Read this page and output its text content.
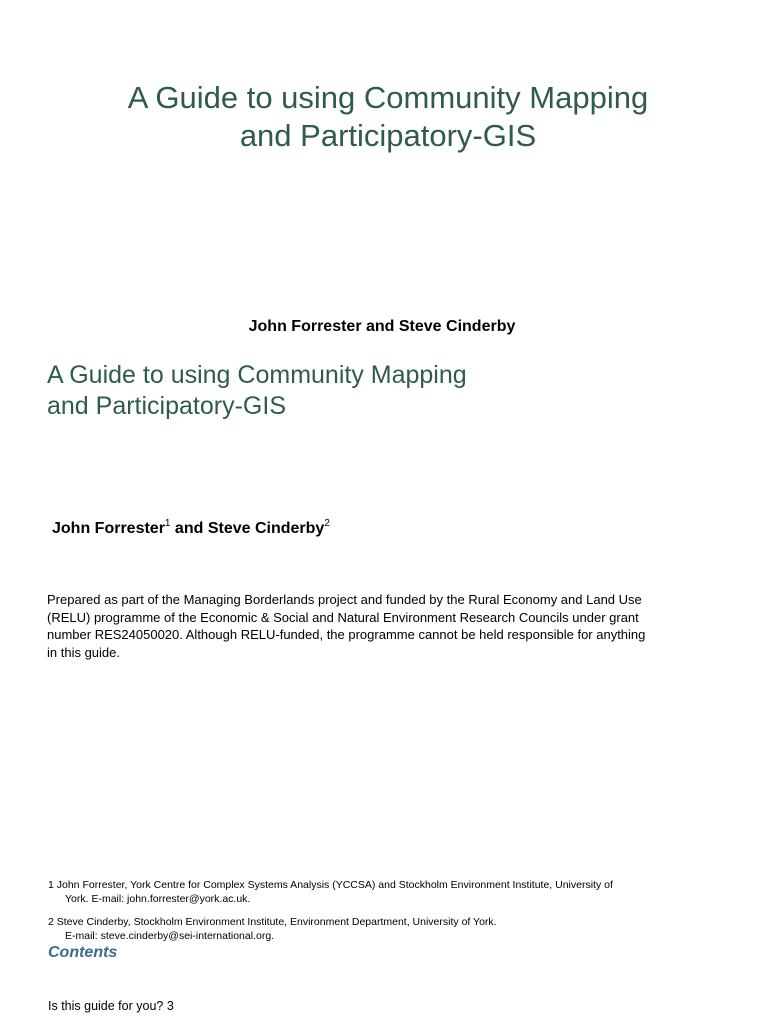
A Guide to using Community Mapping
and Participatory-GIS
John Forrester and Steve Cinderby
A Guide to using Community Mapping
and Participatory-GIS
John Forrester$^1$ and Steve Cinderby$^2$
Prepared as part of the Managing Borderlands project and funded by the Rural Economy and Land Use
(RELU) programme of the Economic & Social and Natural Environment Research Councils under grant
number RES24050020. Although RELU-funded, the programme cannot be held responsible for anything
in this guide.
1 John Forrester, York Centre for Complex Systems Analysis (YCCSA) and Stockholm Environment Institute, University of
York. E-mail: john.forrester@york.ac.uk.
2 Steve Cinderby, Stockholm Environment Institute, Environment Department, University of York.
E-mail: steve.cinderby@sei-international.org.
Contents
Is this guide for you? 3
